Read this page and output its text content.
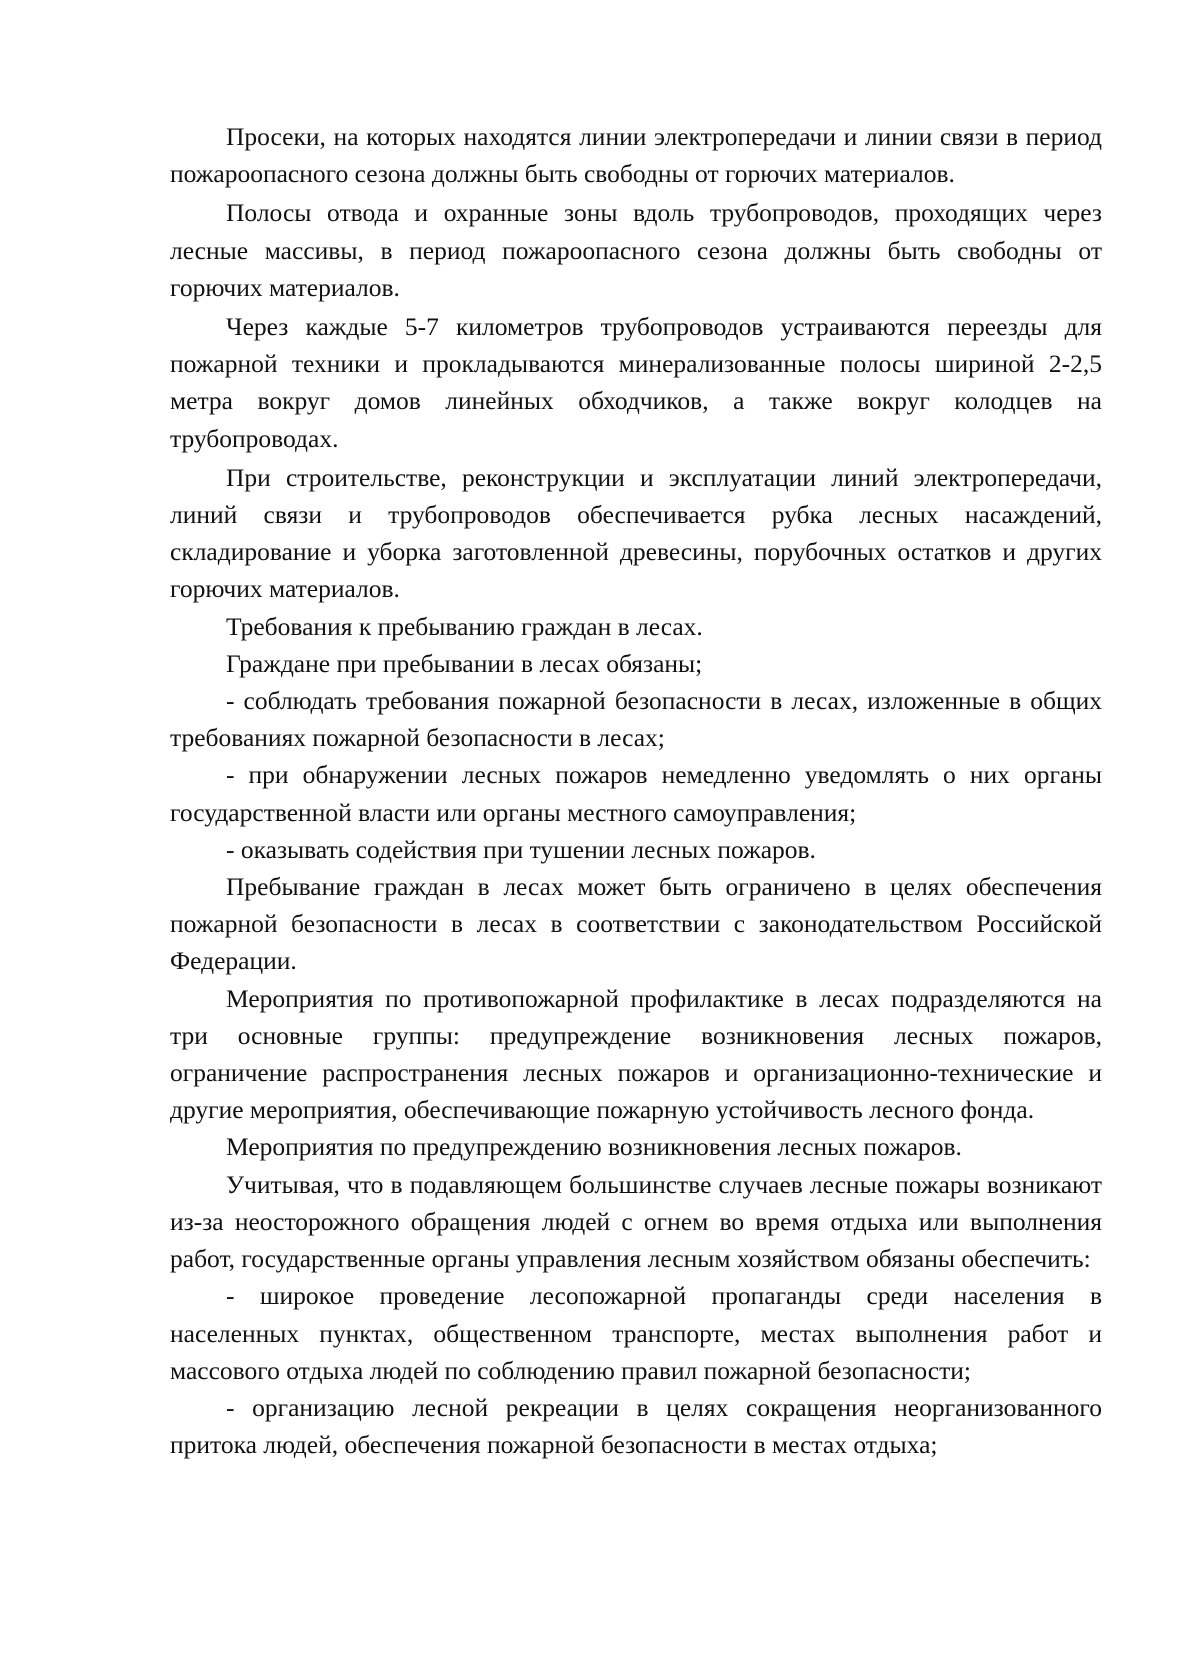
Просеки, на которых находятся линии электропередачи и линии связи в период пожароопасного сезона должны быть свободны от горючих материалов.

Полосы отвода и охранные зоны вдоль трубопроводов, проходящих через лесные массивы, в период пожароопасного сезона должны быть свободны от горючих материалов.

Через каждые 5-7 километров трубопроводов устраиваются переезды для пожарной техники и прокладываются минерализованные полосы шириной 2-2,5 метра вокруг домов линейных обходчиков, а также вокруг колодцев на трубопроводах.

При строительстве, реконструкции и эксплуатации линий электропередачи, линий связи и трубопроводов обеспечивается рубка лесных насаждений, складирование и уборка заготовленной древесины, порубочных остатков и других горючих материалов.

Требования к пребыванию граждан в лесах.

Граждане при пребывании в лесах обязаны;

- соблюдать требования пожарной безопасности в лесах, изложенные в общих требованиях пожарной безопасности в лесах;

- при обнаружении лесных пожаров немедленно уведомлять о них органы государственной власти или органы местного самоуправления;

- оказывать содействия при тушении лесных пожаров.

Пребывание граждан в лесах может быть ограничено в целях обеспечения пожарной безопасности в лесах в соответствии с законодательством Российской Федерации.

Мероприятия по противопожарной профилактике в лесах подразделяются на три основные группы: предупреждение возникновения лесных пожаров, ограничение распространения лесных пожаров и организационно-технические и другие мероприятия, обеспечивающие пожарную устойчивость лесного фонда.

Мероприятия по предупреждению возникновения лесных пожаров.

Учитывая, что в подавляющем большинстве случаев лесные пожары возникают из-за неосторожного обращения людей с огнем во время отдыха или выполнения работ, государственные органы управления лесным хозяйством обязаны обеспечить:

- широкое проведение лесопожарной пропаганды среди населения в населенных пунктах, общественном транспорте, местах выполнения работ и массового отдыха людей по соблюдению правил пожарной безопасности;

- организацию лесной рекреации в целях сокращения неорганизованного притока людей, обеспечения пожарной безопасности в местах отдыха;
